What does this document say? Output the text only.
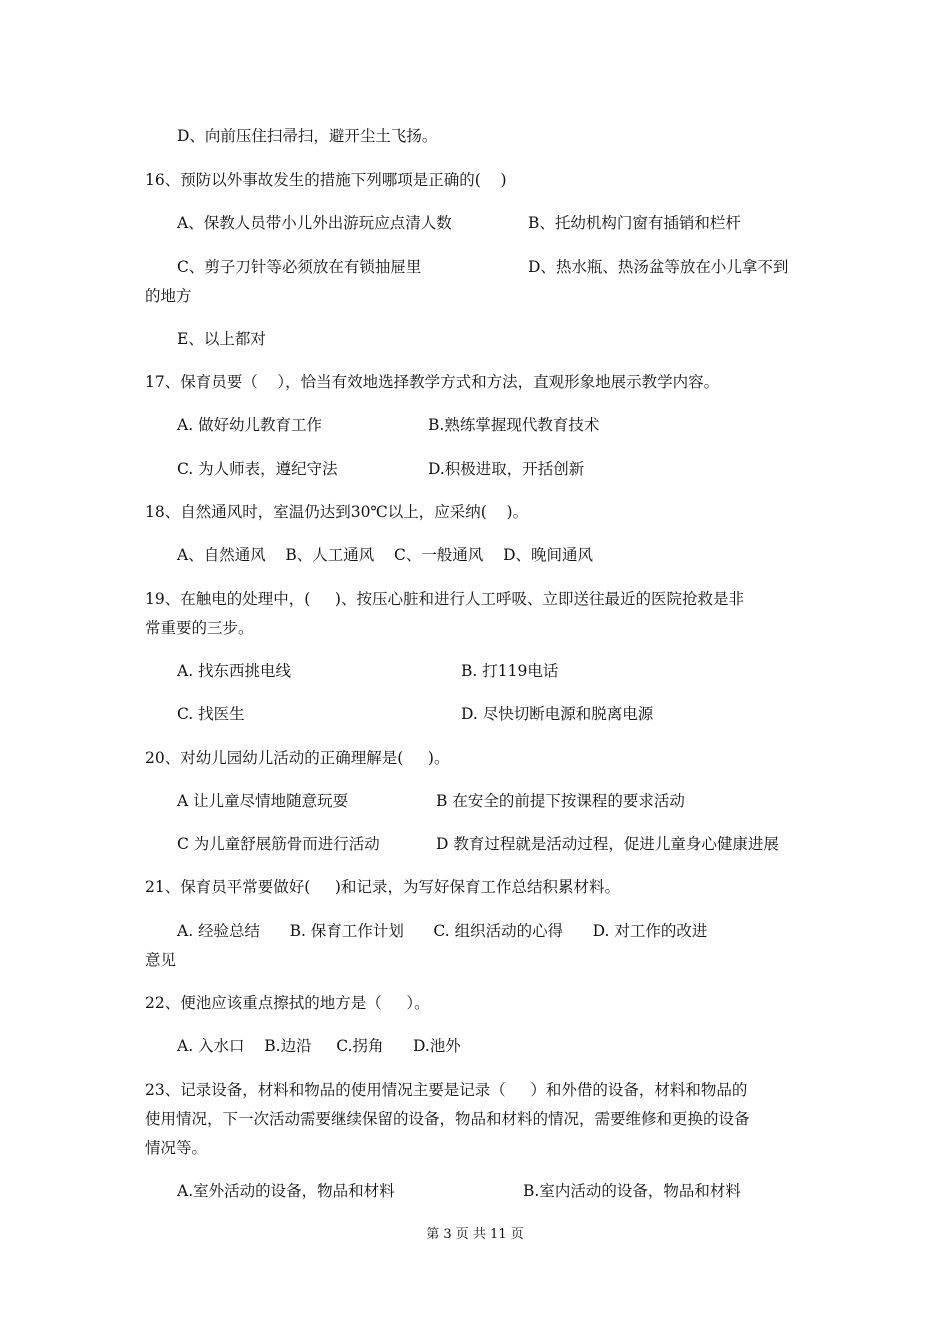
D、向前压住扫帚扫，避开尘土飞扬。
16、预防以外事故发生的措施下列哪项是正确的(    )
A、保教人员带小儿外出游玩应点清人数	B、托幼机构门窗有插销和栏杆
C、剪子刀针等必须放在有锁抽屉里	D、热水瓶、热汤盆等放在小儿拿不到
的地方
E、以上都对
17、保育员要（    ），恰当有效地选择教学方式和方法，直观形象地展示教学内容。
A. 做好幼儿教育工作	B.熟练掌握现代教育技术
C. 为人师表，遵纪守法	D.积极进取，开括创新
18、自然通风时，室温仍达到30℃以上，应采纳(    )。
A、自然通风    B、人工通风    C、一般通风    D、晚间通风
19、在触电的处理中，(     )、按压心脏和进行人工呼吸、立即送往最近的医院抢救是非
常重要的三步。
A. 找东西挑电线	B. 打119电话
C. 找医生	D. 尽快切断电源和脱离电源
20、对幼儿园幼儿活动的正确理解是(     )。
A 让儿童尽情地随意玩耍	B 在安全的前提下按课程的要求活动
C 为儿童舒展筋骨而进行活动	D 教育过程就是活动过程，促进儿童身心健康进展
21、保育员平常要做好(     )和记录，为写好保育工作总结积累材料。
A. 经验总结      B. 保育工作计划      C. 组织活动的心得      D. 对工作的改进
意见
22、便池应该重点擦拭的地方是（     ）。
A. 入水口    B.边沿     C.拐角      D.池外
23、记录设备，材料和物品的使用情况主要是记录（     ）和外借的设备，材料和物品的
使用情况，下一次活动需要继续保留的设备，物品和材料的情况，需要维修和更换的设备
情况等。
A.室外活动的设备，物品和材料	B.室内活动的设备，物品和材料
第 3 页 共 11 页
